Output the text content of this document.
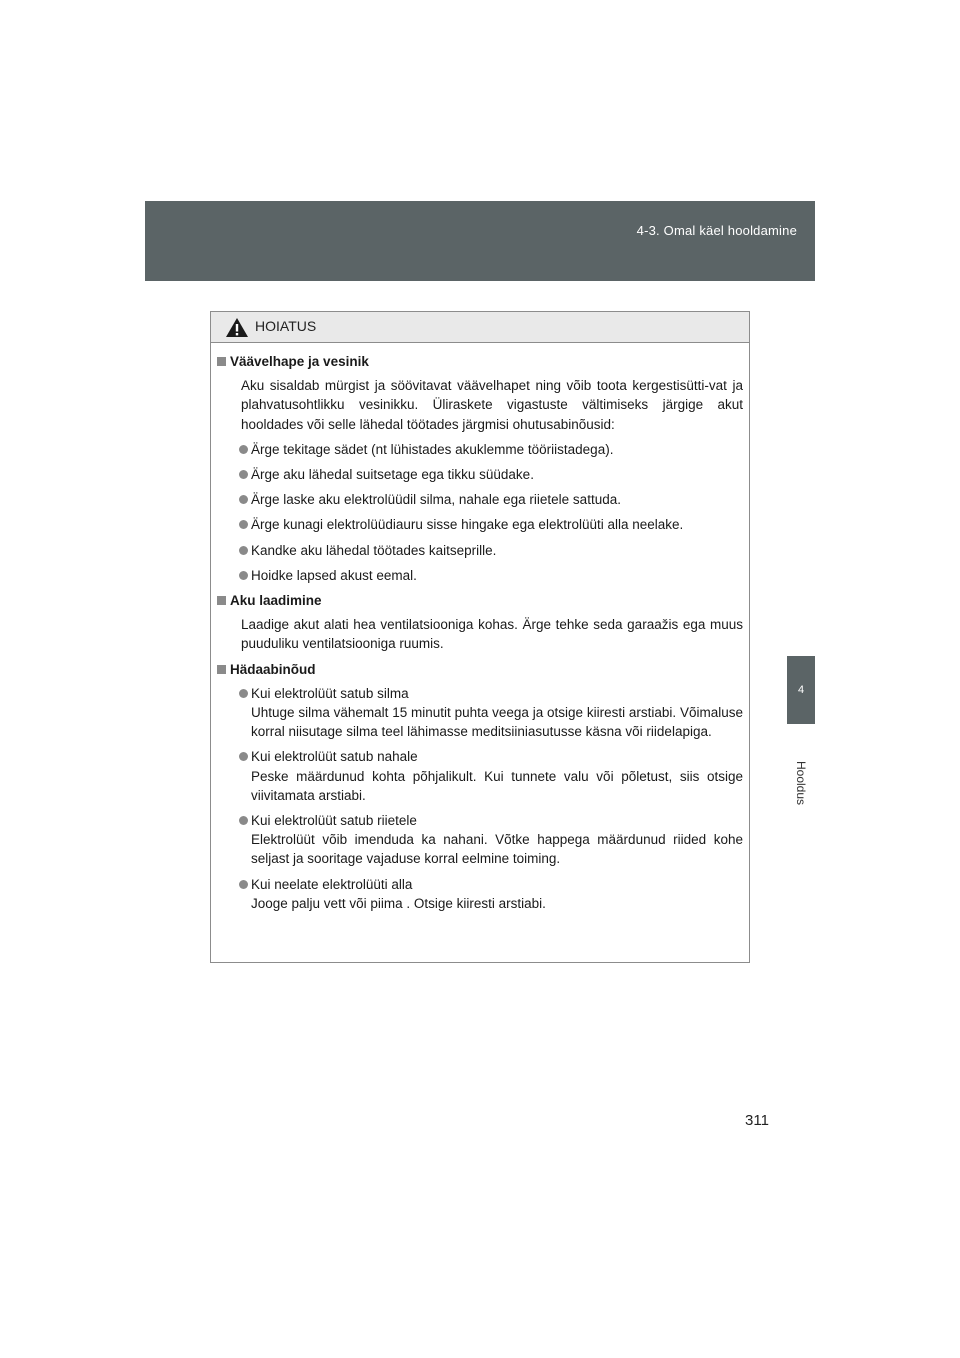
4-3. Omal käel hooldamine
4
Hooldus
HOIATUS
Väävelhape ja vesinik
Aku sisaldab mürgist ja söövitavat väävelhapet ning võib toota kergestisütti-vat ja plahvatusohtlikku vesinikku. Üliraskete vigastuste vältimiseks järgige akut hooldades või selle lähedal töötades järgmisi ohutusabinõusid:
Ärge tekitage sädet (nt lühistades akuklemme tööriistadega).
Ärge aku lähedal suitsetage ega tikku süüdake.
Ärge laske aku elektrolüüdil silma, nahale ega riietele sattuda.
Ärge kunagi elektrolüüdiauru sisse hingake ega elektrolüüti alla neelake.
Kandke aku lähedal töötades kaitseprille.
Hoidke lapsed akust eemal.
Aku laadimine
Laadige akut alati hea ventilatsiooniga kohas. Ärge tehke seda garaažis ega muus puuduliku ventilatsiooniga ruumis.
Hädaabinõud
Kui elektrolüüt satub silma
Uhtuge silma vähemalt 15 minutit puhta veega ja otsige kiiresti arstiabi. Võimaluse korral niisutage silma teel lähimasse meditsiiniasutusse käsna või riidelapiga.
Kui elektrolüüt satub nahale
Peske määrdunud kohta põhjalikult. Kui tunnete valu või põletust, siis otsige viivitamata arstiabi.
Kui elektrolüüt satub riietele
Elektrolüüt võib imenduda ka nahani. Võtke happega määrdunud riided kohe seljast ja sooritage vajaduse korral eelmine toiming.
Kui neelate elektrolüüti alla
Jooge palju vett või piima . Otsige kiiresti arstiabi.
311
